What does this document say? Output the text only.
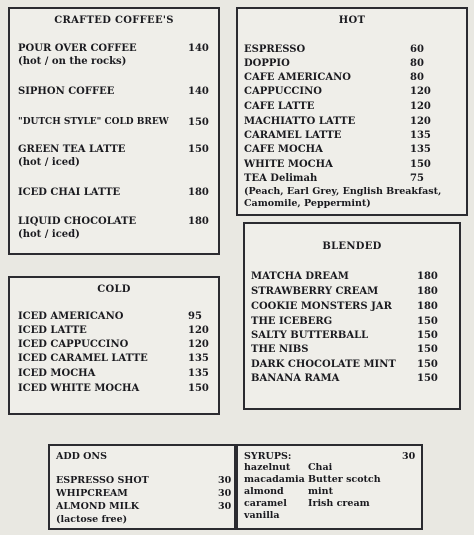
CRAFTED COFFEE'S
POUR OVER COFFEE	140
(hot / on the rocks)
SIPHON COFFEE	140
"DUTCH STYLE" COLD BREW 150
GREEN TEA LATTE	150
(hot / iced)
ICED CHAI LATTE	180
LIQUID CHOCOLATE	180
(hot / iced)
HOT
ESPRESSO	60
DOPPIO	80
CAFE AMERICANO	80
CAPPUCCINO	120
CAFE LATTE	120
MACHIATTO LATTE	120
CARAMEL LATTE	135
CAFE MOCHA	135
WHITE MOCHA	150
TEA Delimah	75
(Peach, Earl Grey, English Breakfast, Camomile, Peppermint)
BLENDED
MATCHA DREAM	180
STRAWBERRY CREAM	180
COOKIE MONSTERS JAR	180
THE ICEBERG	150
SALTY BUTTERBALL	150
THE NIBS	150
DARK CHOCOLATE MINT 150
BANANA RAMA	150
COLD
ICED AMERICANO	95
ICED LATTE	120
ICED CAPPUCCINO	120
ICED CARAMEL LATTE	135
ICED MOCHA	135
ICED WHITE MOCHA	150
ADD ONS
ESPRESSO SHOT	30
WHIPCREAM	30
ALMOND MILK	30
(lactose free)
SYRUPS:	30
hazelnut
macadamia
almond
caramel
vanilla
Chai
Butter scotch
mint
Irish cream
